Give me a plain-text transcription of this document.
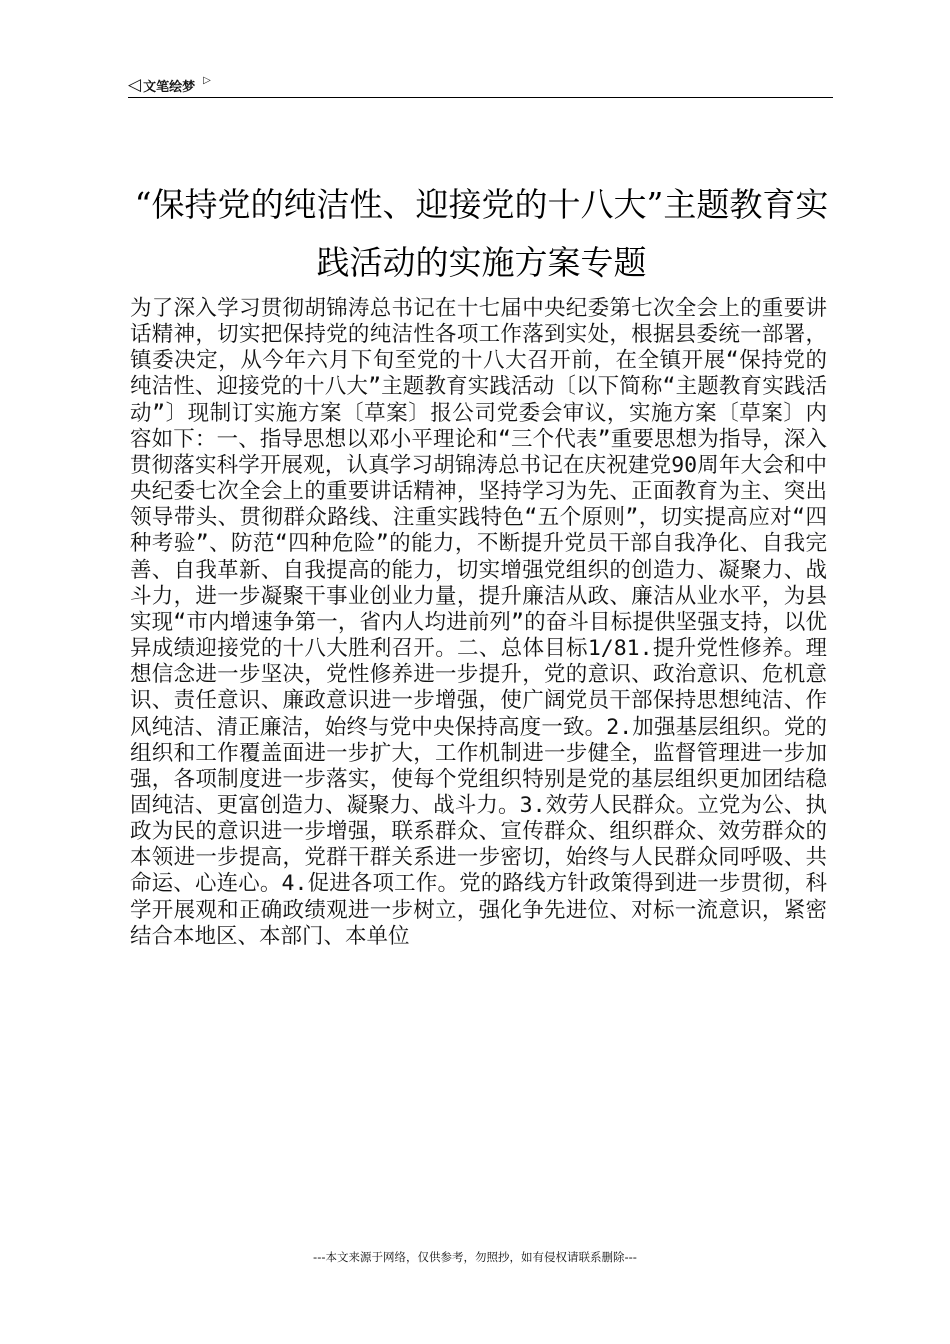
◁ 文笔绘梦 ▷
“保持党的纯洁性、迎接党的十八大”主题教育实践活动的实施方案专题

为了深入学习贯彻胡锦涛总书记在十七届中央纪委第七次全会上的重要讲话精神，切实把保持党的纯洁性各项工作落到实处，根据县委统一部署，镇委决定，从今年六月下旬至党的十八大召开前，在全镇开展“保持党的纯洁性、迎接党的十八大”主题教育实践活动〔以下简称“主题教育实践活动”〕现制订实施方案〔草案〕报公司党委会审议，实施方案〔草案〕内容如下：一、指导思想以邓小平理论和“三个代表”重要思想为指导，深入贯彻落实科学开展观，认真学习胡锦涛总书记在庆祝建党90周年大会和中央纪委七次全会上的重要讲话精神，坚持学习为先、正面教育为主、突出领导带头、贯彻群众路线、注重实践特色“五个原则”，切实提高应对“四种考验”、防范“四种危险”的能力，不断提升党员干部自我净化、自我完善、自我革新、自我提高的能力，切实增强党组织的创造力、凝聚力、战斗力，进一步凝聚干事业创业力量，提升廉洁从政、廉洁从业水平，为县实现“市内增速争第一，省内人均进前列”的奋斗目标提供坚强支持，以优异成绩迎接党的十八大胜利召开。二、总体目标1/81.提升党性修养。理想信念进一步坚决，党性修养进一步提升，党的意识、政治意识、危机意识、责任意识、廉政意识进一步增强，使广阔党员干部保持思想纯洁、作风纯洁、清正廉洁，始终与党中央保持高度一致。2.加强基层组织。党的组织和工作覆盖面进一步扩大，工作机制进一步健全，监督管理进一步加强，各项制度进一步落实，使每个党组织特别是党的基层组织更加团结稳固纯洁、更富创造力、凝聚力、战斗力。3.效劳人民群众。立党为公、执政为民的意识进一步增强，联系群众、宣传群众、组织群众、效劳群众的本领进一步提高，党群干群关系进一步密切，始终与人民群众同呼吸、共命运、心连心。4.促进各项工作。党的路线方针政策得到进一步贯彻，科学开展观和正确政绩观进一步树立，强化争先进位、对标一流意识，紧密结合本地区、本部门、本单位

---本文来源于网络，仅供参考，勿照抄，如有侵权请联系删除---
